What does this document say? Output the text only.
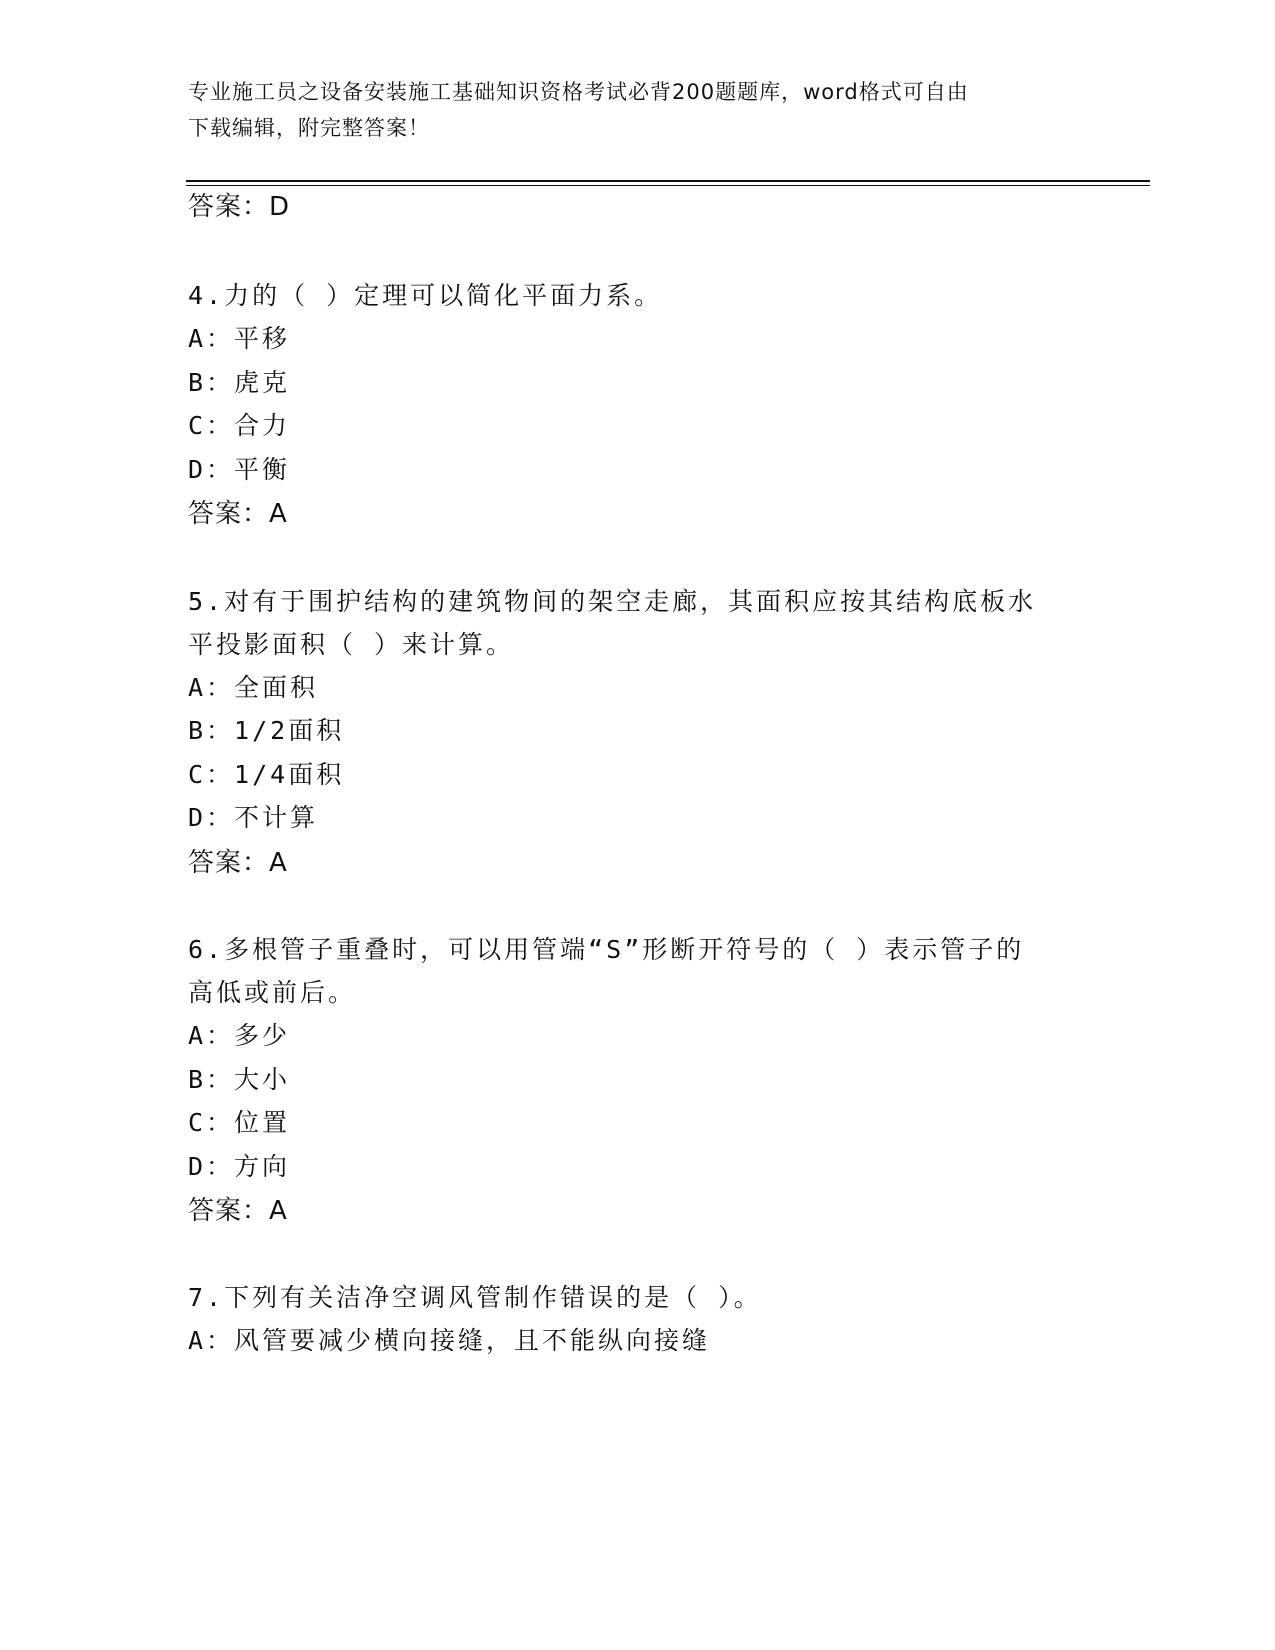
专业施工员之设备安装施工基础知识资格考试必背200题题库，word格式可自由
下载编辑，附完整答案！
答案：D
4.力的（ ）定理可以简化平面力系。
A：平移
B：虎克
C：合力
D：平衡
答案：A
5.对有于围护结构的建筑物间的架空走廊，其面积应按其结构底板水
平投影面积（ ）来计算。
A：全面积
B：1/2面积
C：1/4面积
D：不计算
答案：A
6.多根管子重叠时，可以用管端“S”形断开符号的（ ）表示管子的
高低或前后。
A：多少
B：大小
C：位置
D：方向
答案：A
7.下列有关洁净空调风管制作错误的是（ ）。
A：风管要减少横向接缝，且不能纵向接缝
